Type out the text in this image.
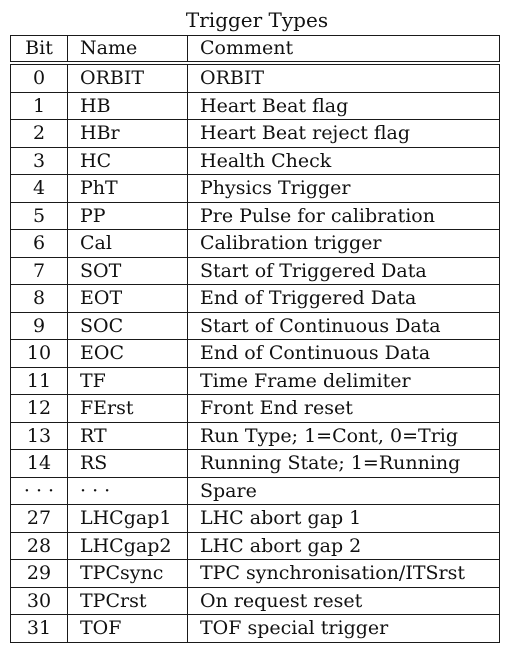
Trigger Types
Bit	Name	Comment
0	ORBIT	ORBIT
1	HB	Heart Beat flag
2	HBr	Heart Beat reject flag
3	HC	Health Check
4	PhT	Physics Trigger
5	PP	Pre Pulse for calibration
6	Cal	Calibration trigger
7	SOT	Start of Triggered Data
8	EOT	End of Triggered Data
9	SOC	Start of Continuous Data
10	EOC	End of Continuous Data
11	TF	Time Frame delimiter
12	FErst	Front End reset
13	RT	Run Type; 1=Cont, 0=Trig
14	RS	Running State; 1=Running
· · ·	· · ·	Spare
27	LHCgap1	LHC abort gap 1
28	LHCgap2	LHC abort gap 2
29	TPCsync	TPC synchronisation/ITSrst
30	TPCrst	On request reset
31	TOF	TOF special trigger
